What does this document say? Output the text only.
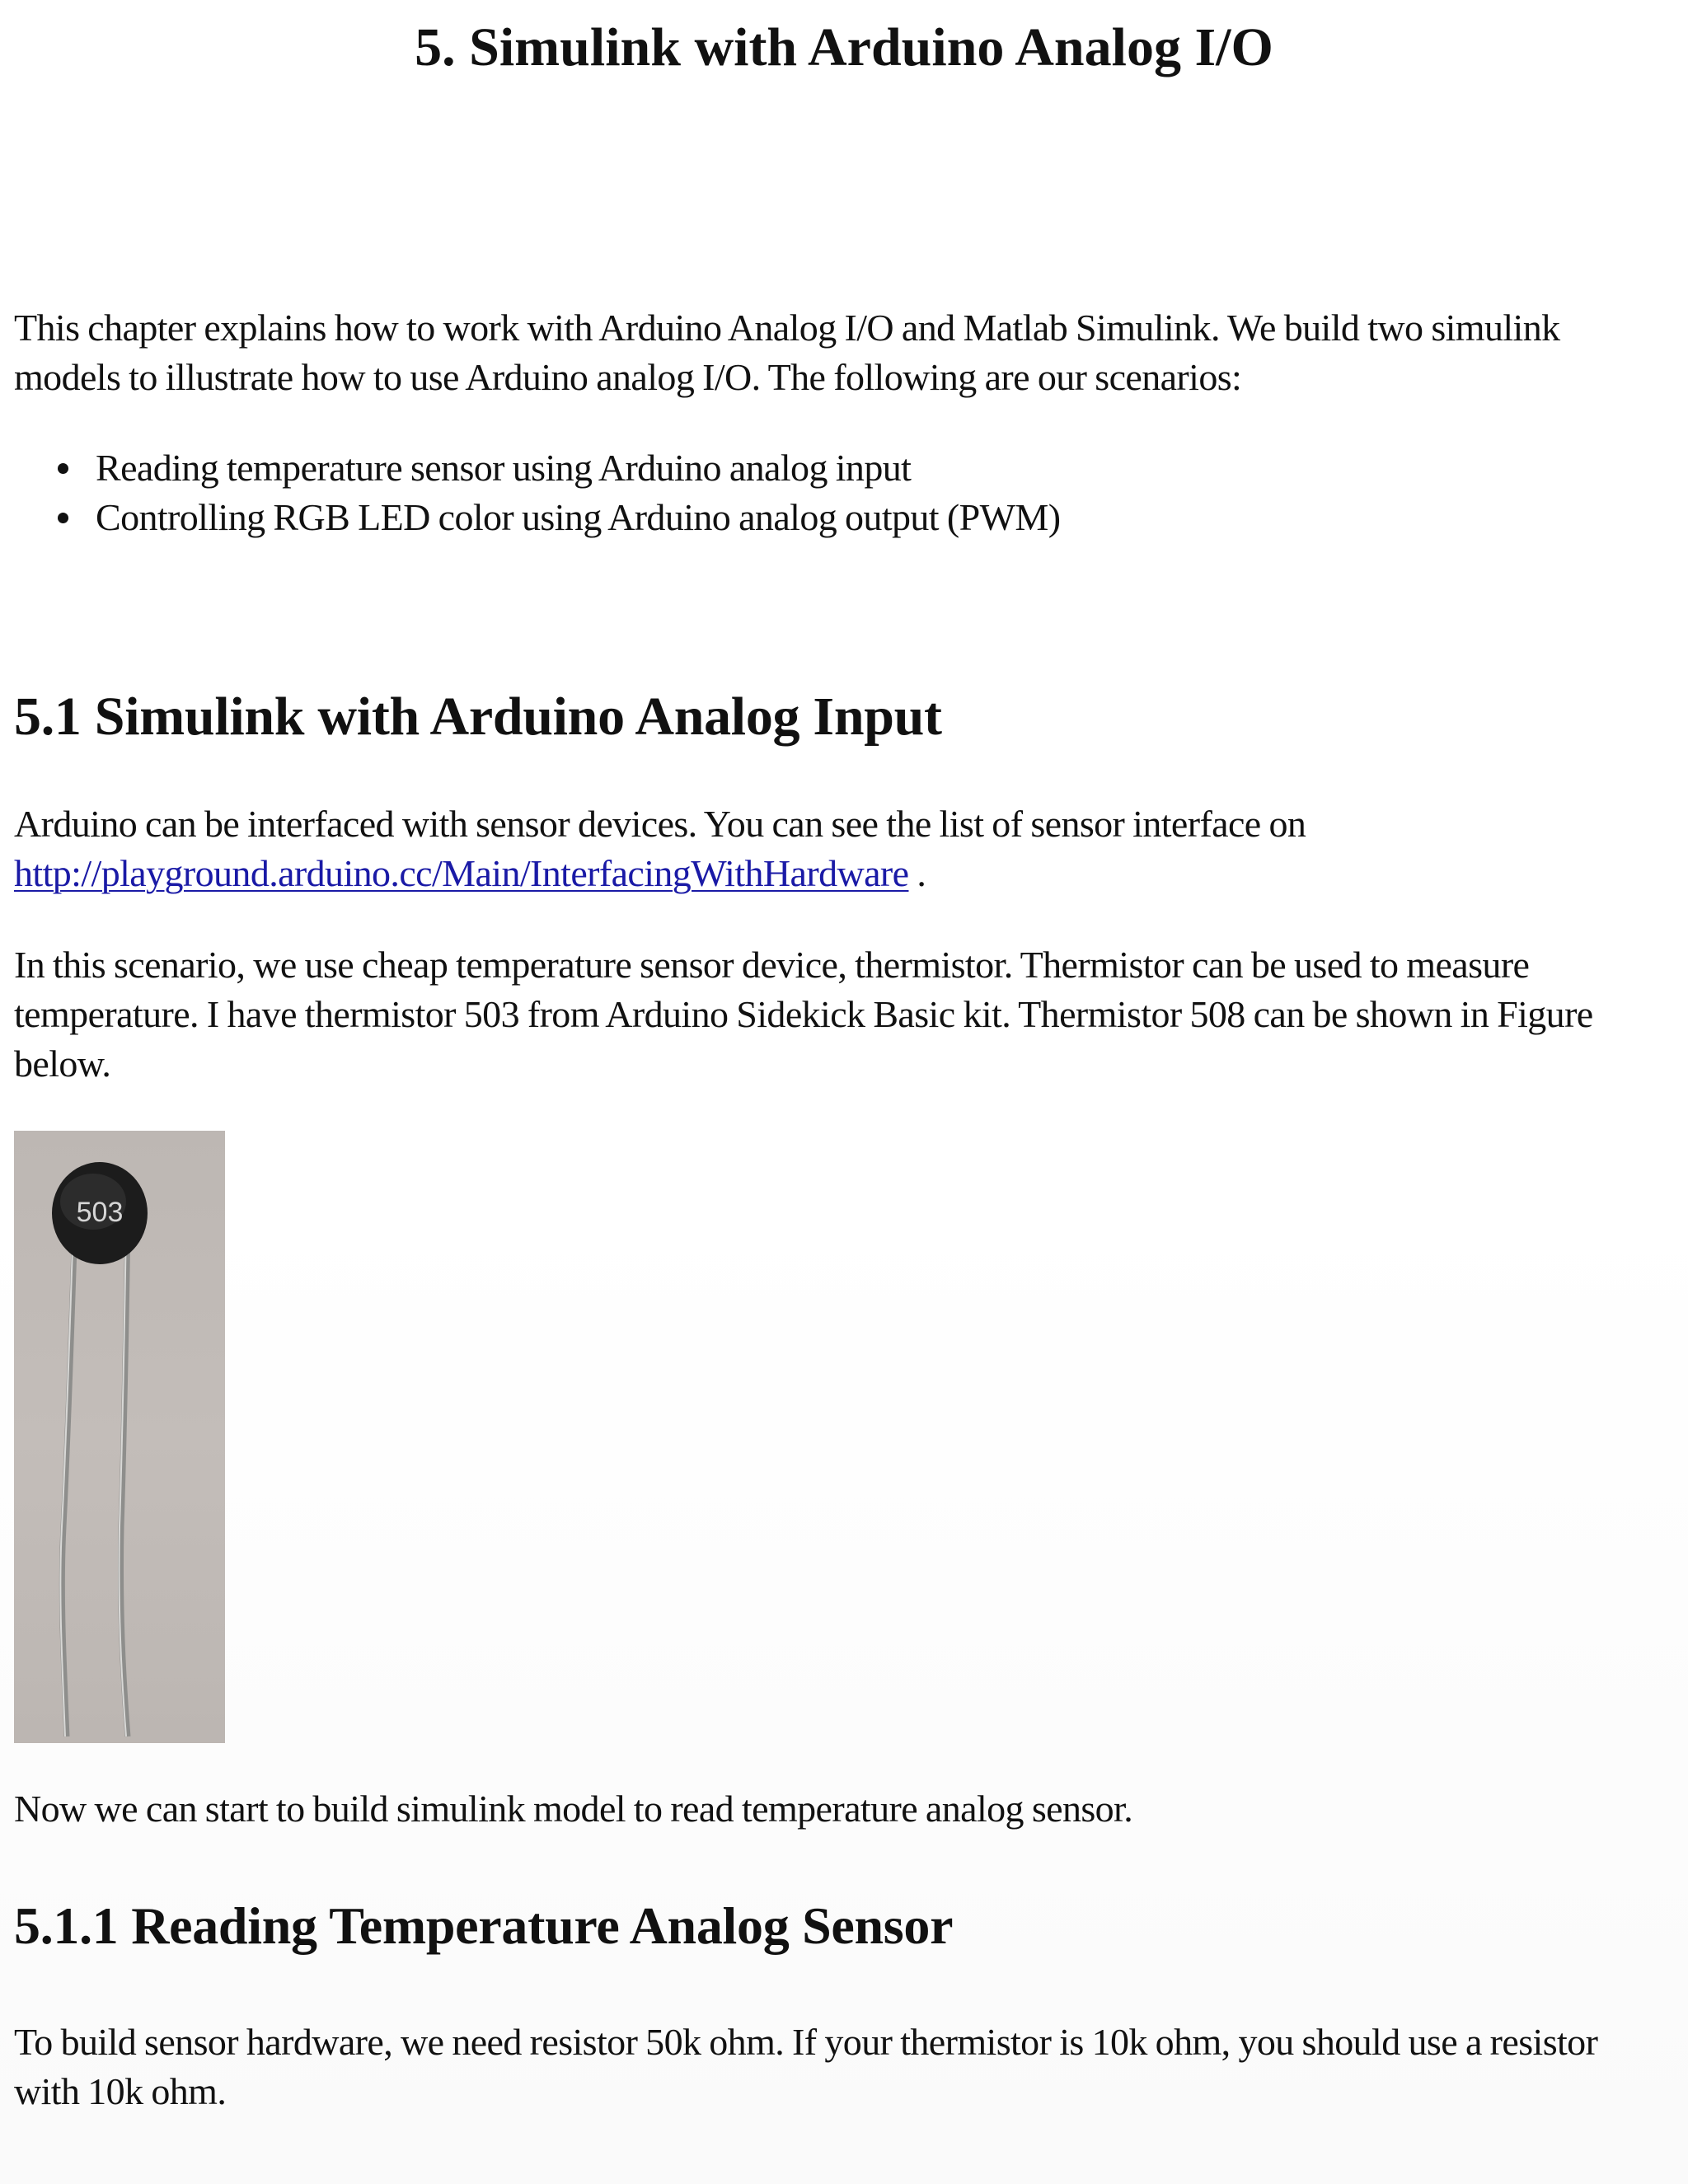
5. Simulink with Arduino Analog I/O

This chapter explains how to work with Arduino Analog I/O and Matlab Simulink. We build two simulink models to illustrate how to use Arduino analog I/O. The following are our scenarios:

Reading temperature sensor using Arduino analog input
Controlling RGB LED color using Arduino analog output (PWM)
5.1 Simulink with Arduino Analog Input

Arduino can be interfaced with sensor devices. You can see the list of sensor interface on http://playground.arduino.cc/Main/InterfacingWithHardware .

In this scenario, we use cheap temperature sensor device, thermistor. Thermistor can be used to measure temperature. I have thermistor 503 from Arduino Sidekick Basic kit. Thermistor 508 can be shown in Figure below.

503

Now we can start to build simulink model to read temperature analog sensor.

5.1.1 Reading Temperature Analog Sensor

To build sensor hardware, we need resistor 50k ohm. If your thermistor is 10k ohm, you should use a resistor with 10k ohm.
